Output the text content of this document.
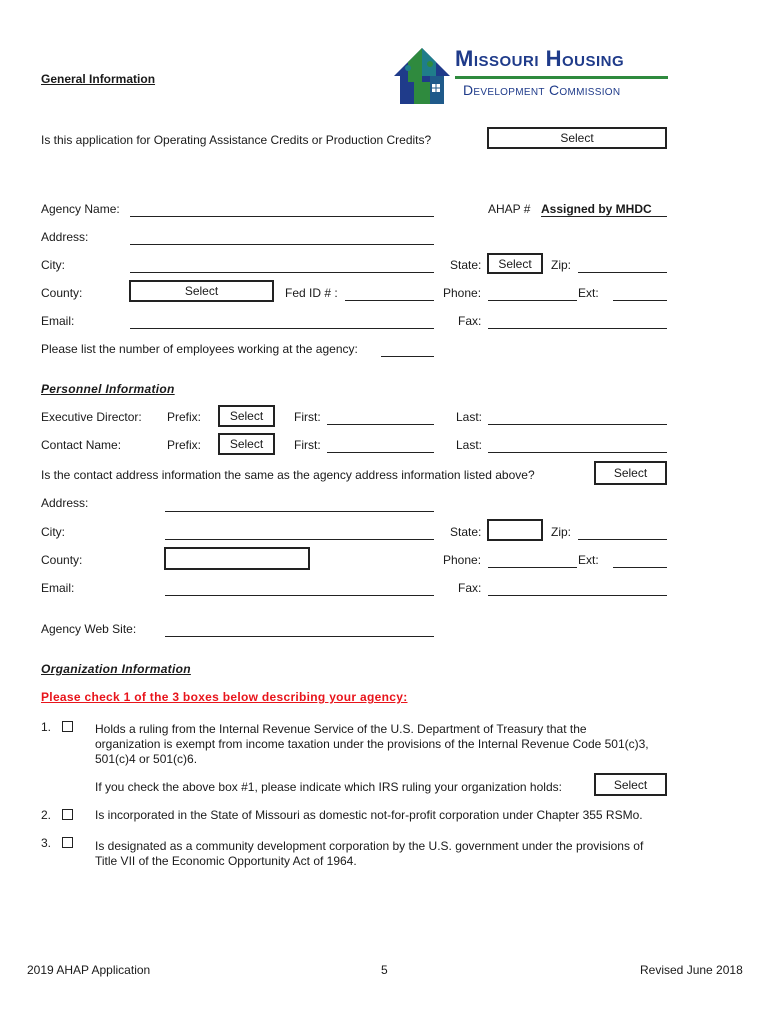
Missouri Housing
Development Commission
General Information
Is this application for Operating Assistance Credits or Production Credits?	Select
Agency Name:	AHAP # Assigned by MHDC
Address:
City:	State:	Select	Zip:
County:	Select	Fed ID # :	Phone:	Ext:
Email:	Fax:
Please list the number of employees working at the agency:
Personnel Information
Executive Director: Prefix:	Select	First:	Last:
Contact Name:	Prefix:	Select	First:	Last:
Is the contact address information the same as the agency address information listed above?	Select
Address:
City:	State:	Zip:
County:	Phone:	Ext:
Email:	Fax:
Agency Web Site:
Organization Information
Please check 1 of the 3 boxes below describing your agency:
1.	Holds a ruling from the Internal Revenue Service of the U.S. Department of Treasury that the organization is exempt from income taxation under the provisions of the Internal Revenue Code 501(c)3, 501(c)4 or 501(c)6.
If you check the above box #1, please indicate which IRS ruling your organization holds:	Select
2.	Is incorporated in the State of Missouri as domestic not-for-profit corporation under Chapter 355 RSMo.
3.	Is designated as a community development corporation by the U.S. government under the provisions of Title VII of the Economic Opportunity Act of 1964.
2019 AHAP Application	5	Revised June 2018
